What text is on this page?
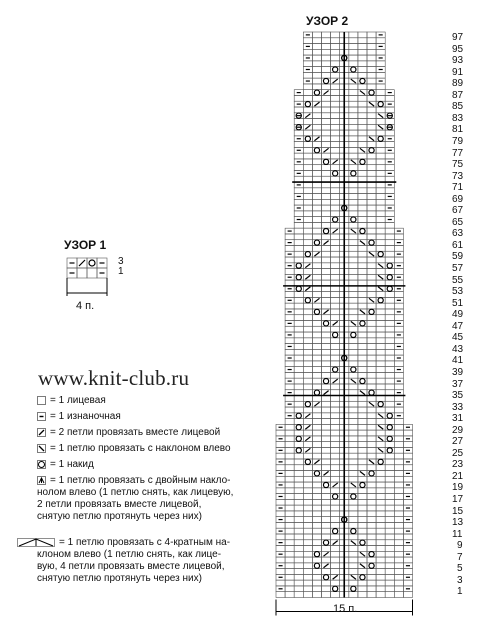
УЗОР 2
97
95
93
91
89
87
85
83
81
79
77
75
73
71
69
67
65
63
61
59
57
55
53
51
49
47
45
43
41
39
37
35
33
31
29
27
25
23
21
19
17
15
13
11
9
7
5
3
1
15 п.
УЗОР 1
3
1
4 п.
www.knit-club.ru
= 1 лицевая
= 1 изнаночная
= 2 петли провязать вместе лицевой
= 1 петлю провязать с наклоном влево
= 1 накид
= 1 петлю провязать с двойным накло-
нолом влево (1 петлю снять, как лицевую,
2 петли провязать вместе лицевой,
снятую петлю протянуть через них)
= 1 петлю провязать с 4-кратным на-
клоном влево (1 петлю снять, как лице-
вую, 4 петли провязать вместе лицевой,
снятую петлю протянуть через них)
